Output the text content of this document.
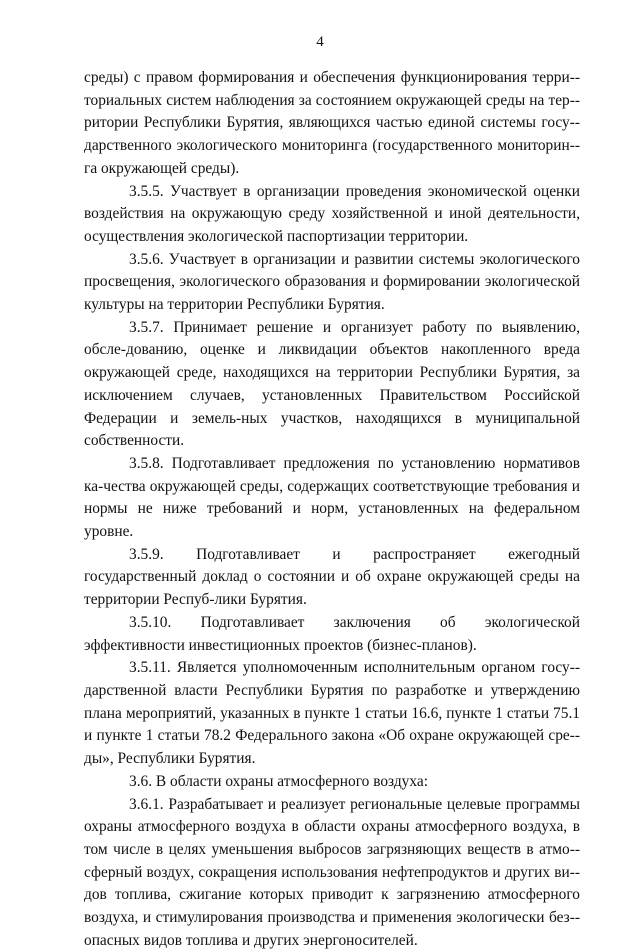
4

среды) с правом формирования и обеспечения функционирования терри-ториальных систем наблюдения за состоянием окружающей среды на тер-ритории Республики Бурятия, являющихся частью единой системы госу-дарственного экологического мониторинга (государственного мониторин-га окружающей среды).

3.5.5. Участвует в организации проведения экономической оценки воздействия на окружающую среду хозяйственной и иной деятельности, осуществления экологической паспортизации территории.

3.5.6. Участвует в организации и развитии системы экологического просвещения, экологического образования и формировании экологической культуры на территории Республики Бурятия.

3.5.7. Принимает решение и организует работу по выявлению, обсле-дованию, оценке и ликвидации объектов накопленного вреда окружающей среде, находящихся на территории Республики Бурятия, за исключением случаев, установленных Правительством Российской Федерации и земель-ных участков, находящихся в муниципальной собственности.

3.5.8. Подготавливает предложения по установлению нормативов ка-чества окружающей среды, содержащих соответствующие требования и нормы не ниже требований и норм, установленных на федеральном уровне.

3.5.9. Подготавливает и распространяет ежегодный государственный доклад о состоянии и об охране окружающей среды на территории Респуб-лики Бурятия.

3.5.10. Подготавливает заключения об экологической эффективности инвестиционных проектов (бизнес-планов).

3.5.11. Является уполномоченным исполнительным органом госу-дарственной власти Республики Бурятия по разработке и утверждению плана мероприятий, указанных в пункте 1 статьи 16.6, пункте 1 статьи 75.1 и пункте 1 статьи 78.2 Федерального закона «Об охране окружающей сре-ды», Республики Бурятия.

3.6. В области охраны атмосферного воздуха:

3.6.1. Разрабатывает и реализует региональные целевые программы охраны атмосферного воздуха в области охраны атмосферного воздуха, в том числе в целях уменьшения выбросов загрязняющих веществ в атмо-сферный воздух, сокращения использования нефтепродуктов и других ви-дов топлива, сжигание которых приводит к загрязнению атмосферного воздуха, и стимулирования производства и применения экологически без-опасных видов топлива и других энергоносителей.
